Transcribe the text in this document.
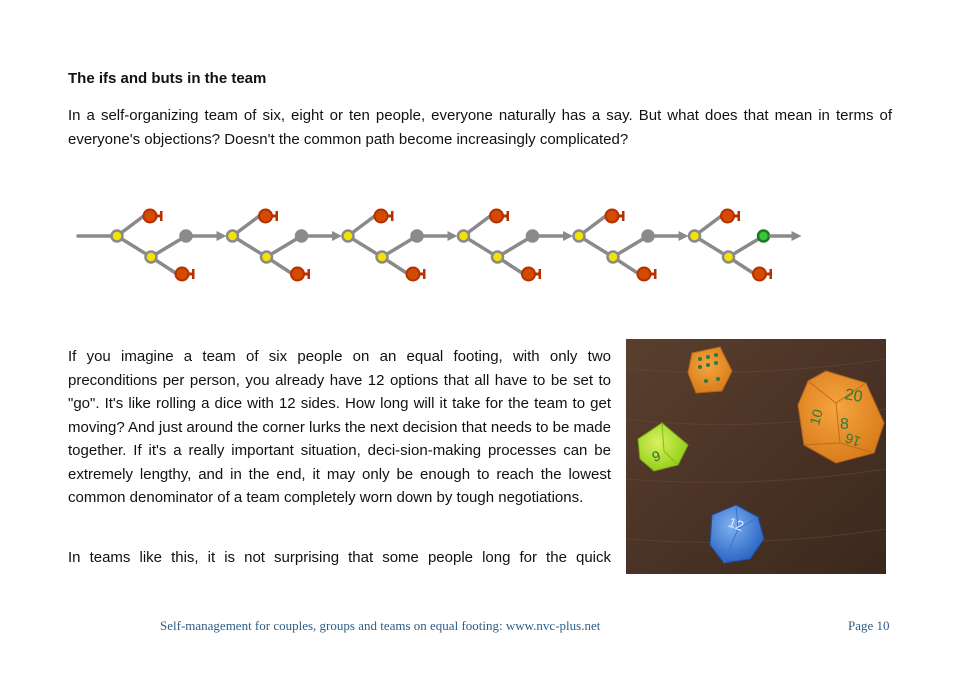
The ifs and buts in the team

In a self-organizing team of six, eight or ten people, everyone naturally has a say. But what does that mean in terms of everyone's objections? Doesn't the common path become increasingly complicated?

If you imagine a team of six people on an equal footing, with only two preconditions per person, you already have 12 options that all have to be set to "go". It's like rolling a dice with 12 sides. How long will it take for the team to get moving? And just around the corner lurks the next decision that needs to be made together. If it's a really important situation, deci-sion-making processes can be extremely lengthy, and in the end, it may only be enough to reach the lowest common denominator of a team completely worn down by tough negotiations.

In teams like this, it is not surprising that some people long for the quick

20
8
16
10
9
12

Self-management for couples, groups and teams on equal footing: www.nvc-plus.net	Page 10
